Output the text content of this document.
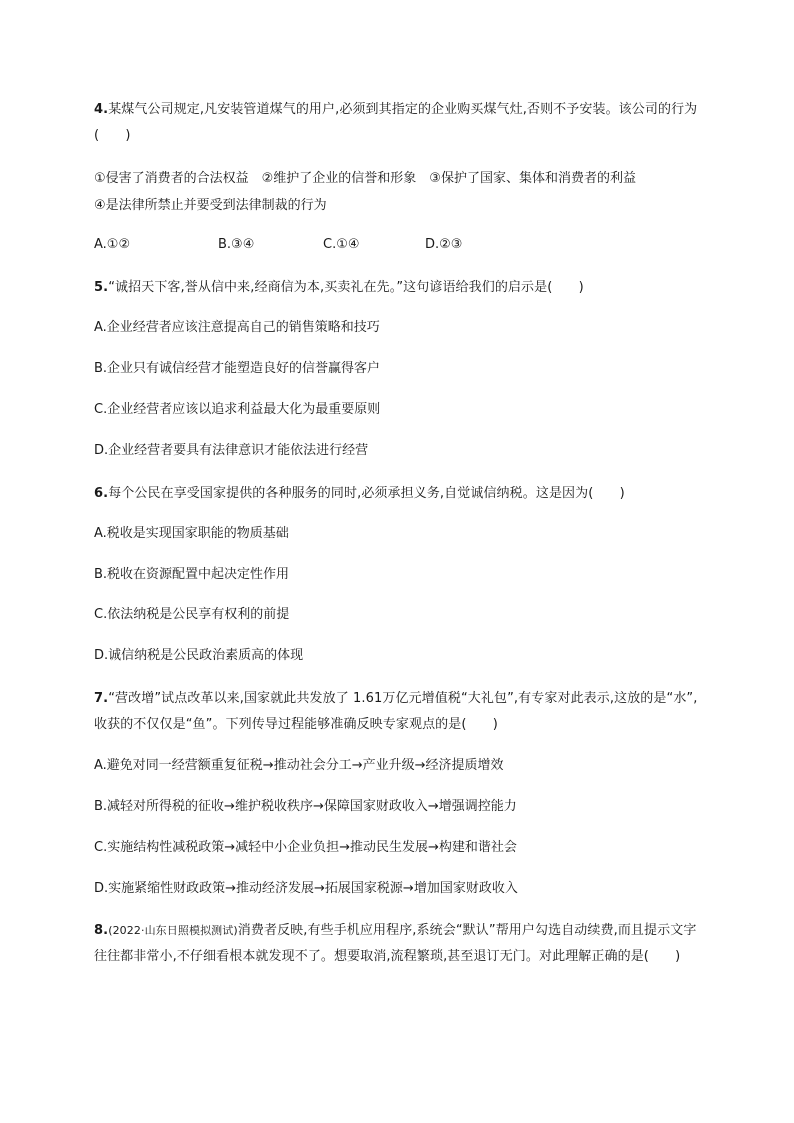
4.某煤气公司规定,凡安装管道煤气的用户,必须到其指定的企业购买煤气灶,否则不予安装。该公司的行为(　　)
①侵害了消费者的合法权益　②维护了企业的信誉和形象　③保护了国家、集体和消费者的利益
④是法律所禁止并要受到法律制裁的行为
A.①②	B.③④	C.①④	D.②③
5.“诚招天下客,誉从信中来,经商信为本,买卖礼在先。”这句谚语给我们的启示是(　　)
A.企业经营者应该注意提高自己的销售策略和技巧
B.企业只有诚信经营才能塑造良好的信誉赢得客户
C.企业经营者应该以追求利益最大化为最重要原则
D.企业经营者要具有法律意识才能依法进行经营
6.每个公民在享受国家提供的各种服务的同时,必须承担义务,自觉诚信纳税。这是因为(　　)
A.税收是实现国家职能的物质基础
B.税收在资源配置中起决定性作用
C.依法纳税是公民享有权利的前提
D.诚信纳税是公民政治素质高的体现
7.“营改增”试点改革以来,国家就此共发放了 1.61万亿元增值税“大礼包”,有专家对此表示,这放的是“水”,收获的不仅仅是“鱼”。下列传导过程能够准确反映专家观点的是(　　)
A.避免对同一经营额重复征税→推动社会分工→产业升级→经济提质增效
B.减轻对所得税的征收→维护税收秩序→保障国家财政收入→增强调控能力
C.实施结构性减税政策→减轻中小企业负担→推动民生发展→构建和谐社会
D.实施紧缩性财政政策→推动经济发展→拓展国家税源→增加国家财政收入
8.(2022·山东日照模拟测试)消费者反映,有些手机应用程序,系统会“默认”帮用户勾选自动续费,而且提示文字往往都非常小,不仔细看根本就发现不了。想要取消,流程繁琐,甚至退订无门。对此理解正确的是(　　)
